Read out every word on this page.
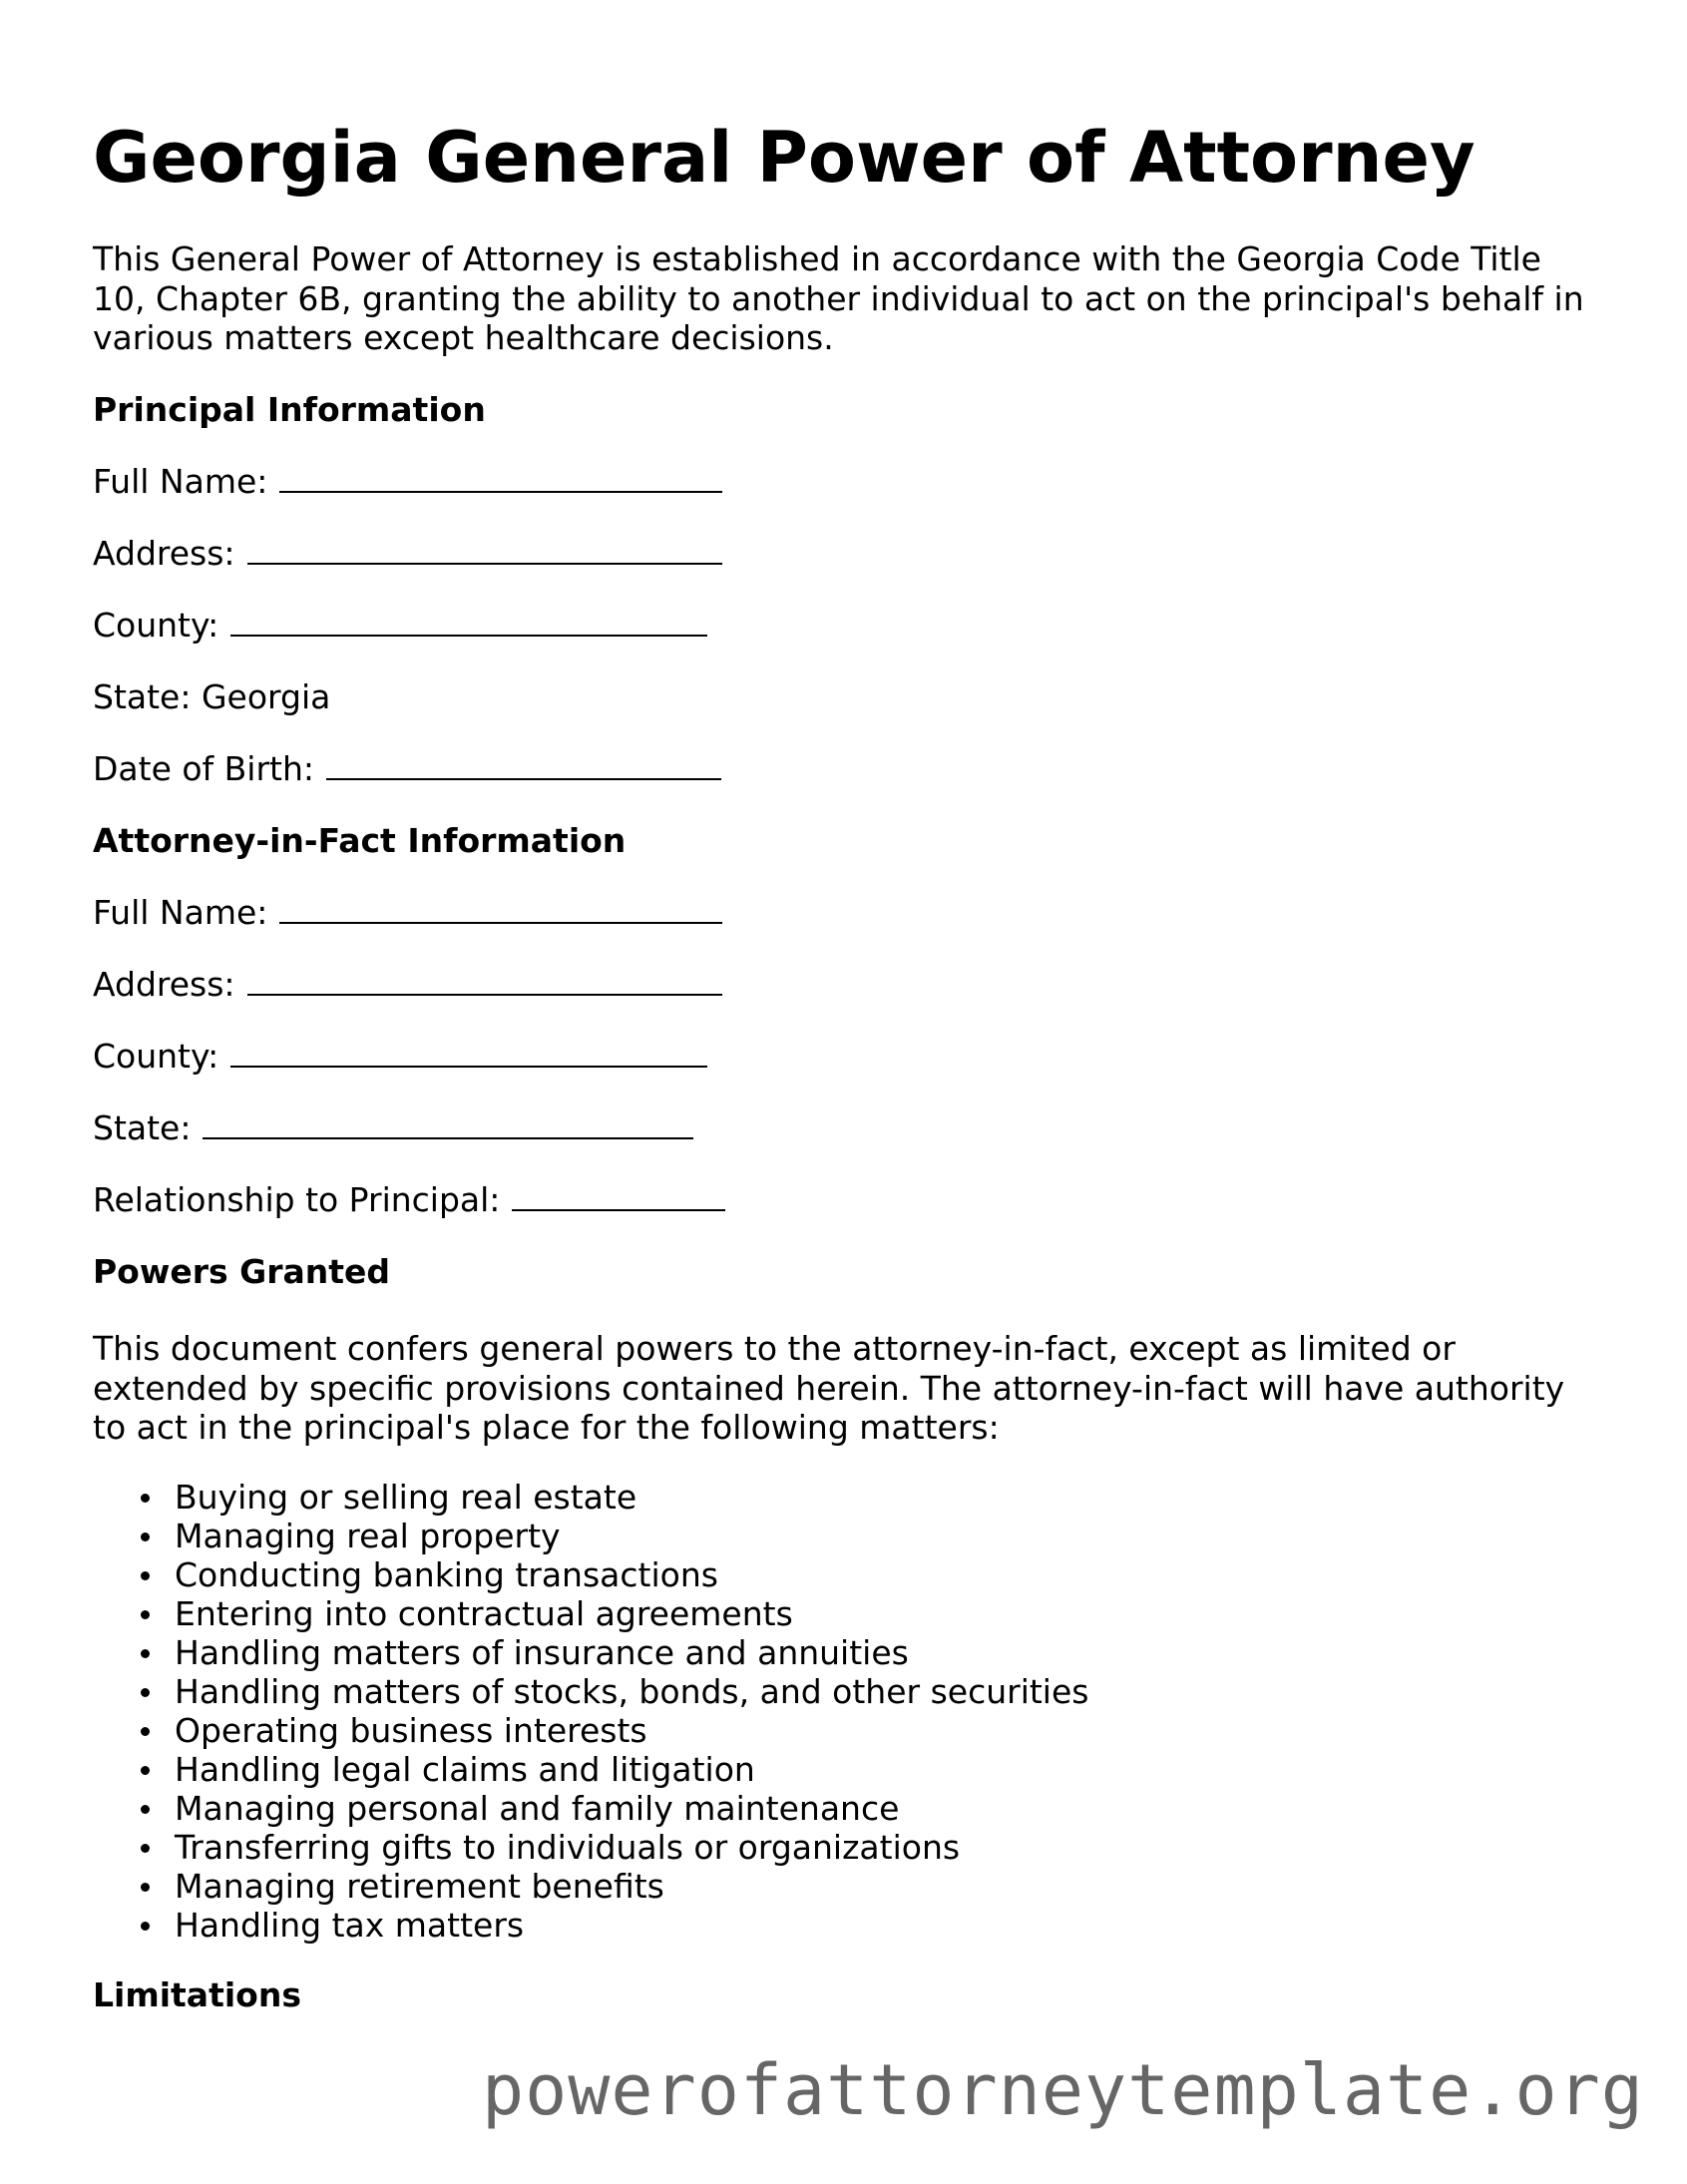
Georgia General Power of Attorney

This General Power of Attorney is established in accordance with the Georgia Code Title 10, Chapter 6B, granting the ability to another individual to act on the principal's behalf in various matters except healthcare decisions.

Principal Information
Full Name:
Address:
County:
State: Georgia
Date of Birth:
Attorney-in-Fact Information
Full Name:
Address:
County:
State:
Relationship to Principal:
Powers Granted

This document confers general powers to the attorney-in-fact, except as limited or extended by specific provisions contained herein. The attorney-in-fact will have authority to act in the principal's place for the following matters:

Buying or selling real estate
Managing real property
Conducting banking transactions
Entering into contractual agreements
Handling matters of insurance and annuities
Handling matters of stocks, bonds, and other securities
Operating business interests
Handling legal claims and litigation
Managing personal and family maintenance
Transferring gifts to individuals or organizations
Managing retirement benefits
Handling tax matters
Limitations
powerofattorneytemplate.org
